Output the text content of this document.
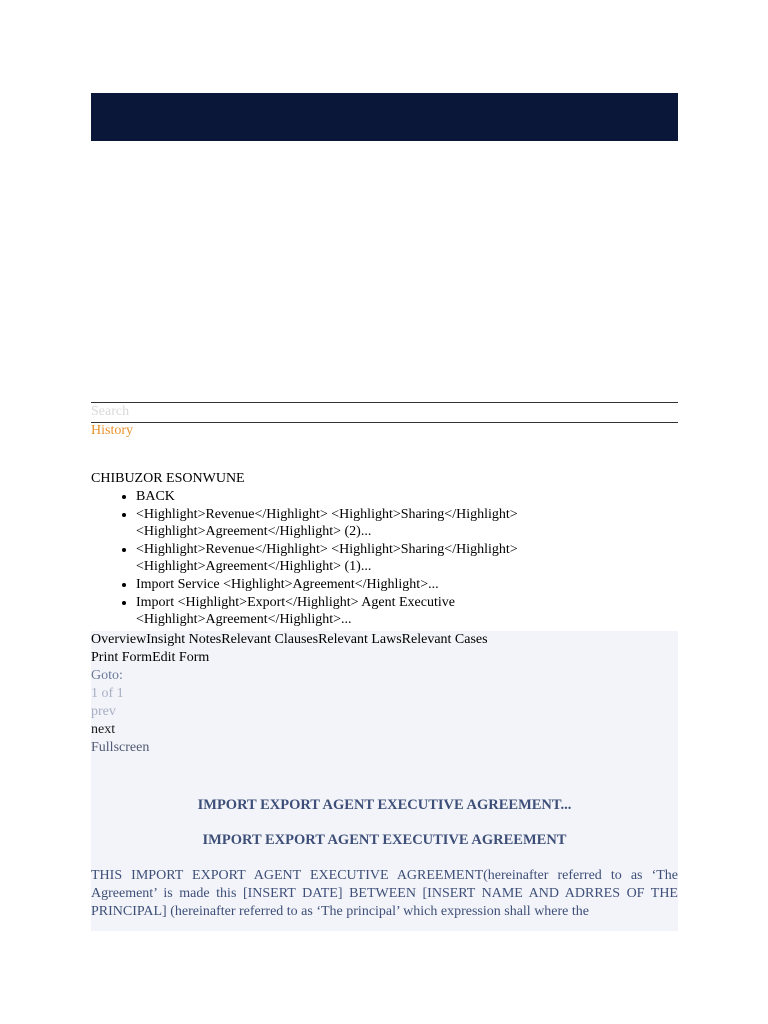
Search
History
CHIBUZOR ESONWUNE
• BACK
• <Highlight>Revenue</Highlight> <Highlight>Sharing</Highlight> <Highlight>Agreement</Highlight> (2)...
• <Highlight>Revenue</Highlight> <Highlight>Sharing</Highlight> <Highlight>Agreement</Highlight> (1)...
• Import Service <Highlight>Agreement</Highlight>...
• Import <Highlight>Export</Highlight> Agent Executive <Highlight>Agreement</Highlight>...
OverviewInsight NotesRelevant ClausesRelevant LawsRelevant Cases
Print FormEdit Form
Goto:
1 of 1
prev
next
Fullscreen
IMPORT EXPORT AGENT EXECUTIVE AGREEMENT...
IMPORT EXPORT AGENT EXECUTIVE AGREEMENT

THIS IMPORT EXPORT AGENT EXECUTIVE AGREEMENT(hereinafter referred to as ‘The Agreement’ is made this [INSERT DATE] BETWEEN [INSERT NAME AND ADRRES OF THE PRINCIPAL] (hereinafter referred to as ‘The principal’ which expression shall where the
